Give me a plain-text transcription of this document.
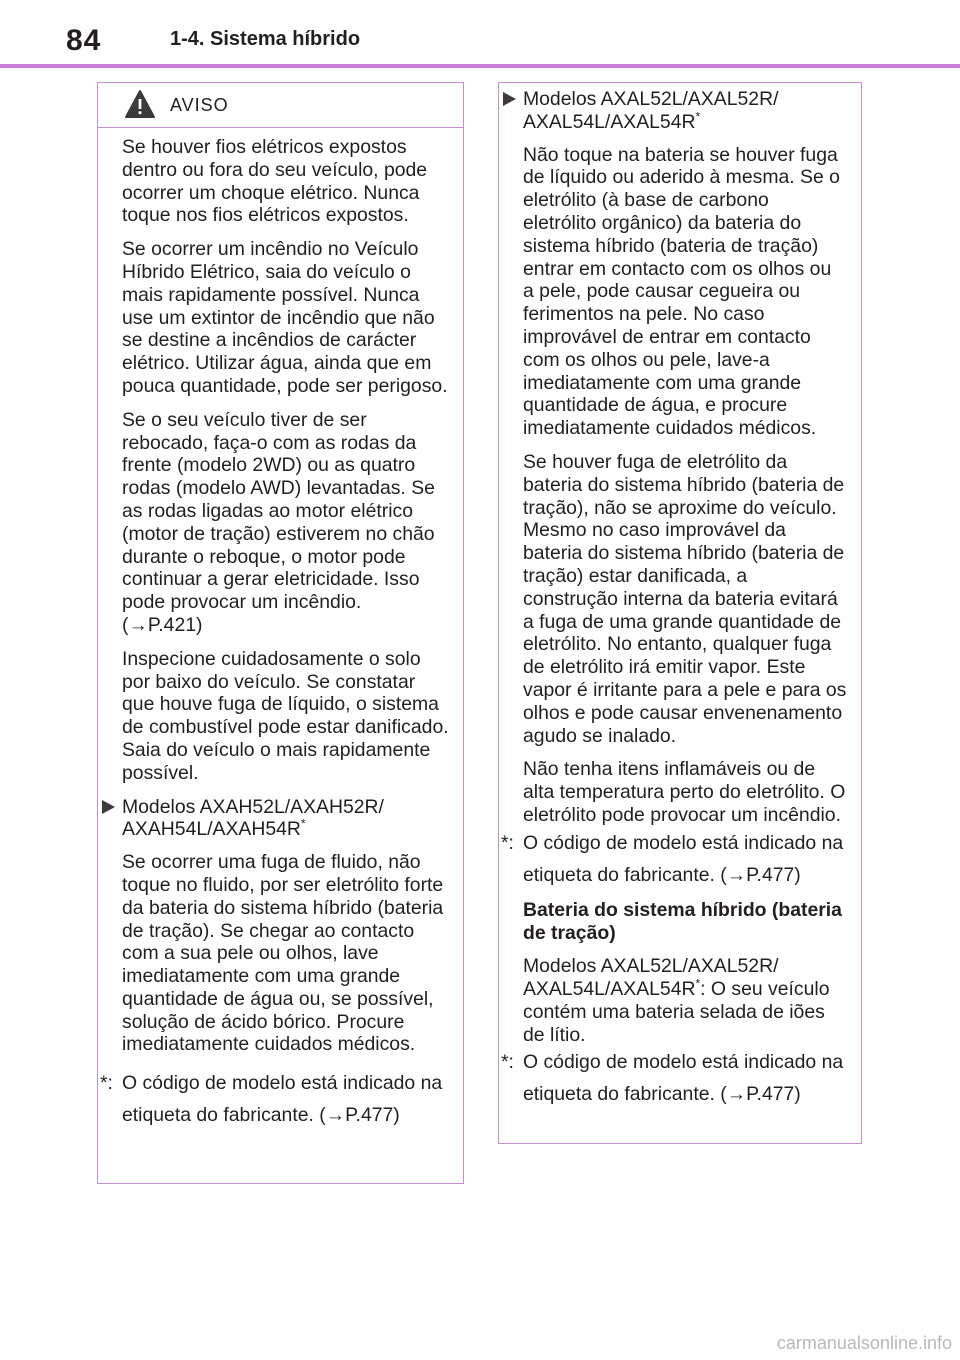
84	1-4. Sistema híbrido
AVISO

Se houver fios elétricos expostos dentro ou fora do seu veículo, pode ocorrer um choque elétrico. Nunca toque nos fios elétricos expostos.

Se ocorrer um incêndio no Veículo Híbrido Elétrico, saia do veículo o mais rapidamente possível. Nunca use um extintor de incêndio que não se destine a incêndios de carácter elétrico. Utilizar água, ainda que em pouca quantidade, pode ser perigoso.

Se o seu veículo tiver de ser rebocado, faça-o com as rodas da frente (modelo 2WD) ou as quatro rodas (modelo AWD) levantadas. Se as rodas ligadas ao motor elétrico (motor de tração) estiverem no chão durante o reboque, o motor pode continuar a gerar eletricidade. Isso pode provocar um incêndio.
(→P.421)

Inspecione cuidadosamente o solo por baixo do veículo. Se constatar que houve fuga de líquido, o sistema de combustível pode estar danificado. Saia do veículo o mais rapidamente possível.

Modelos AXAH52L/AXAH52R/ AXAH54L/AXAH54R*

Se ocorrer uma fuga de fluido, não toque no fluido, por ser eletrólito forte da bateria do sistema híbrido (bateria de tração). Se chegar ao contacto com a sua pele ou olhos, lave imediatamente com uma grande quantidade de água ou, se possível, solução de ácido bórico. Procure imediatamente cuidados médicos.

*: O código de modelo está indicado na etiqueta do fabricante. (→P.477)
Modelos AXAL52L/AXAL52R/ AXAL54L/AXAL54R*

Não toque na bateria se houver fuga de líquido ou aderido à mesma. Se o eletrólito (à base de carbono eletrólito orgânico) da bateria do sistema híbrido (bateria de tração) entrar em contacto com os olhos ou a pele, pode causar cegueira ou ferimentos na pele. No caso improvável de entrar em contacto com os olhos ou pele, lave-a imediatamente com uma grande quantidade de água, e procure imediatamente cuidados médicos.

Se houver fuga de eletrólito da bateria do sistema híbrido (bateria de tração), não se aproxime do veículo. Mesmo no caso improvável da bateria do sistema híbrido (bateria de tração) estar danificada, a construção interna da bateria evitará a fuga de uma grande quantidade de eletrólito. No entanto, qualquer fuga de eletrólito irá emitir vapor. Este vapor é irritante para a pele e para os olhos e pode causar envenenamento agudo se inalado.

Não tenha itens inflamáveis ou de alta temperatura perto do eletrólito. O eletrólito pode provocar um incêndio.

*: O código de modelo está indicado na etiqueta do fabricante. (→P.477)

Bateria do sistema híbrido (bateria de tração)

Modelos AXAL52L/AXAL52R/ AXAL54L/AXAL54R*: O seu veículo contém uma bateria selada de iões de lítio.

*: O código de modelo está indicado na etiqueta do fabricante. (→P.477)
carmanualsonline.info
